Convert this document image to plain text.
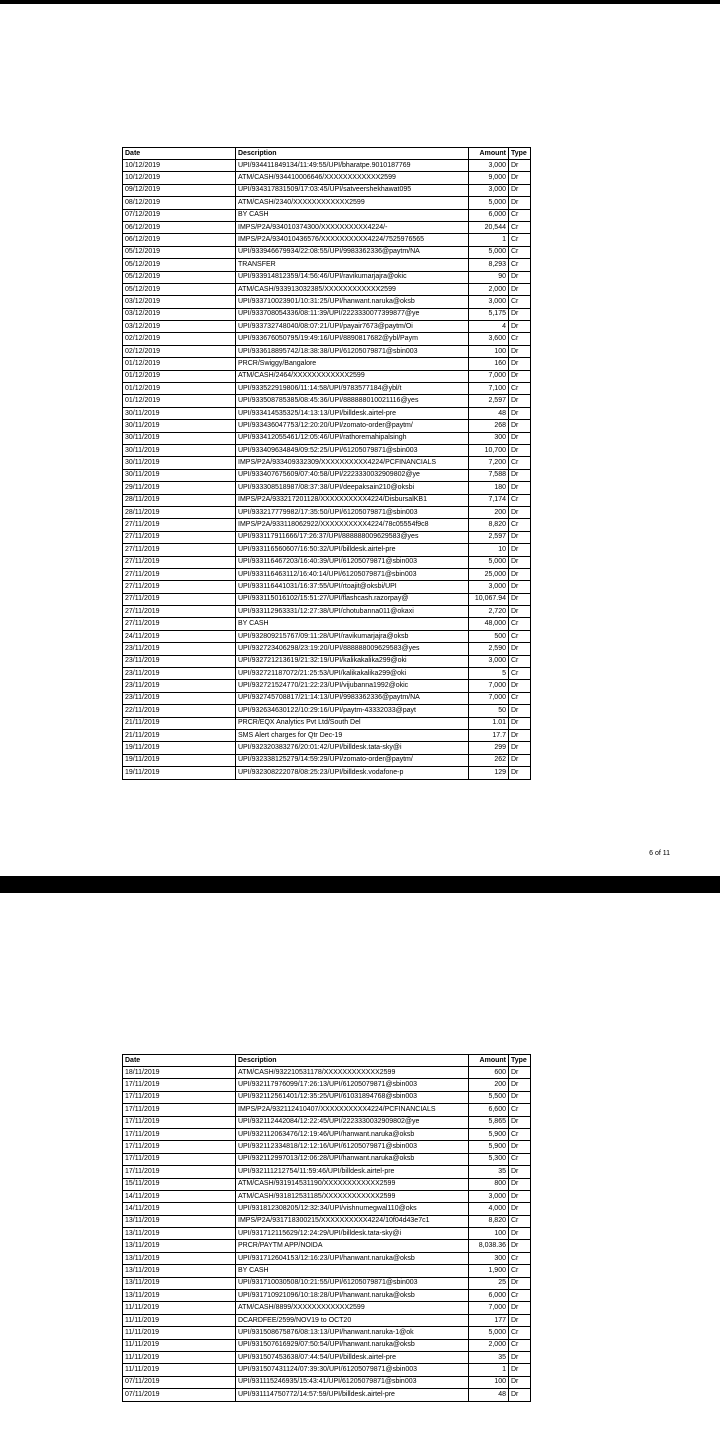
Date	Description	Amount	Type
10/12/2019	UPI/934411849134/11:49:55/UPI/bharatpe.9010187769	3,000	Dr
10/12/2019	ATM/CASH/934410006646/XXXXXXXXXXXX2599	9,000	Dr
09/12/2019	UPI/934317831509/17:03:45/UPI/satveershekhawat095	3,000	Dr
08/12/2019	ATM/CASH/2340/XXXXXXXXXXXX2599	5,000	Dr
07/12/2019	BY CASH	6,000	Cr
06/12/2019	IMPS/P2A/934010374300/XXXXXXXXXX4224/-	20,544	Cr
06/12/2019	IMPS/P2A/934010436576/XXXXXXXXXX4224/7525976565	1	Cr
05/12/2019	UPI/933946679934/22:08:55/UPI/9983362336@paytm/NA	5,000	Cr
05/12/2019	TRANSFER	8,293	Cr
05/12/2019	UPI/933914812359/14:56:46/UPI/ravikumarjajra@okic	90	Dr
05/12/2019	ATM/CASH/933913032385/XXXXXXXXXXXX2599	2,000	Dr
03/12/2019	UPI/933710023901/10:31:25/UPI/hanwant.naruka@oksb	3,000	Cr
03/12/2019	UPI/933708054336/08:11:39/UPI/2223330077399877@ye	5,175	Dr
03/12/2019	UPI/933732748040/08:07:21/UPI/payair7673@paytm/Oi	4	Dr
02/12/2019	UPI/933676050795/19:49:16/UPI/8890817682@ybl/Paym	3,600	Cr
02/12/2019	UPI/933618895742/18:38:38/UPI/61205079871@sbin003	100	Dr
01/12/2019	PRCR/Swiggy/Bangalore	160	Dr
01/12/2019	ATM/CASH/2464/XXXXXXXXXXXX2599	7,000	Dr
01/12/2019	UPI/933522919806/11:14:58/UPI/9783577184@ybl/t	7,100	Cr
01/12/2019	UPI/933508785385/08:45:36/UPI/888888010021116@yes	2,597	Dr
30/11/2019	UPI/933414535325/14:13:13/UPI/billdesk.airtel-pre	48	Dr
30/11/2019	UPI/933436047753/12:20:20/UPI/zomato-order@paytm/	268	Dr
30/11/2019	UPI/933412055461/12:05:46/UPI/rathoremahipalsingh	300	Dr
30/11/2019	UPI/933409634849/09:52:25/UPI/61205079871@sbin003	10,700	Dr
30/11/2019	IMPS/P2A/933409332309/XXXXXXXXXX4224/PCFINANCIALS	7,200	Cr
30/11/2019	UPI/933407675609/07:40:58/UPI/2223330032909802@ye	7,588	Dr
29/11/2019	UPI/933308518987/08:37:38/UPI/deepaksain210@oksbi	180	Dr
28/11/2019	IMPS/P2A/933217201128/XXXXXXXXXX4224/DisbursalKB1	7,174	Cr
28/11/2019	UPI/933217779982/17:35:50/UPI/61205079871@sbin003	200	Dr
27/11/2019	IMPS/P2A/933118062922/XXXXXXXXXX4224/78c05554f9c8	8,820	Cr
27/11/2019	UPI/933117911666/17:26:37/UPI/888888009629583@yes	2,597	Dr
27/11/2019	UPI/933116560607/16:50:32/UPI/billdesk.airtel-pre	10	Dr
27/11/2019	UPI/933116467203/16:40:39/UPI/61205079871@sbin003	5,000	Dr
27/11/2019	UPI/933116463112/16:40:14/UPI/61205079871@sbin003	25,000	Dr
27/11/2019	UPI/933116441031/16:37:55/UPI/rtoajit@oksbi/UPI	3,000	Dr
27/11/2019	UPI/933115016102/15:51:27/UPI/flashcash.razorpay@	10,067.94	Dr
27/11/2019	UPI/933112963331/12:27:38/UPI/chotubanna011@okaxi	2,720	Dr
27/11/2019	BY CASH	48,000	Cr
24/11/2019	UPI/932809215767/09:11:28/UPI/ravikumarjajra@oksb	500	Cr
23/11/2019	UPI/932723406298/23:19:20/UPI/888888009629583@yes	2,590	Dr
23/11/2019	UPI/932721213619/21:32:19/UPI/kalikakalika299@oki	3,000	Cr
23/11/2019	UPI/932721187072/21:25:53/UPI/kalikakalika299@oki	5	Cr
23/11/2019	UPI/932721524770/21:22:23/UPI/vijubanna1992@okic	7,000	Dr
23/11/2019	UPI/932745708817/21:14:13/UPI/9983362336@paytm/NA	7,000	Cr
22/11/2019	UPI/932634630122/10:29:16/UPI/paytm-43332033@payt	50	Dr
21/11/2019	PRCR/EQX Analytics Pvt Ltd/South Del	1.01	Dr
21/11/2019	SMS Alert charges for Qtr Dec-19	17.7	Dr
19/11/2019	UPI/932320383276/20:01:42/UPI/billdesk.tata-sky@i	299	Dr
19/11/2019	UPI/932338125279/14:59:29/UPI/zomato-order@paytm/	262	Dr
19/11/2019	UPI/932308222078/08:25:23/UPI/billdesk.vodafone-p	129	Dr
6 of 11
Date	Description	Amount	Type
18/11/2019	ATM/CASH/932210531178/XXXXXXXXXXXX2599	600	Dr
17/11/2019	UPI/932117976099/17:26:13/UPI/61205079871@sbin003	200	Dr
17/11/2019	UPI/932112561401/12:35:25/UPI/61031894768@sbin003	5,500	Dr
17/11/2019	IMPS/P2A/932112410407/XXXXXXXXXX4224/PCFINANCIALS	6,600	Cr
17/11/2019	UPI/932112442084/12:22:45/UPI/2223330032909802@ye	5,865	Dr
17/11/2019	UPI/932112063476/12:19:46/UPI/hanwant.naruka@oksb	5,900	Cr
17/11/2019	UPI/932112334818/12:12:16/UPI/61205079871@sbin003	5,900	Dr
17/11/2019	UPI/932112997013/12:06:28/UPI/hanwant.naruka@oksb	5,300	Cr
17/11/2019	UPI/932111212754/11:59:46/UPI/billdesk.airtel-pre	35	Dr
15/11/2019	ATM/CASH/931914531190/XXXXXXXXXXXX2599	800	Dr
14/11/2019	ATM/CASH/931812531185/XXXXXXXXXXXX2599	3,000	Dr
14/11/2019	UPI/931812308205/12:32:34/UPI/vishnumegwal110@oks	4,000	Dr
13/11/2019	IMPS/P2A/931718300215/XXXXXXXXXX4224/10f04d43e7c1	8,820	Cr
13/11/2019	UPI/931712115629/12:24:29/UPI/billdesk.tata-sky@i	100	Dr
13/11/2019	PRCR/PAYTM APP/NOIDA	8,038.36	Dr
13/11/2019	UPI/931712604153/12:16:23/UPI/hanwant.naruka@oksb	300	Cr
13/11/2019	BY CASH	1,900	Cr
13/11/2019	UPI/931710030508/10:21:55/UPI/61205079871@sbin003	25	Dr
13/11/2019	UPI/931710921096/10:18:28/UPI/hanwant.naruka@oksb	6,000	Cr
11/11/2019	ATM/CASH/8899/XXXXXXXXXXXX2599	7,000	Dr
11/11/2019	DCARDFEE/2599/NOV19 to OCT20	177	Dr
11/11/2019	UPI/931508675876/08:13:13/UPI/hanwant.naruka-1@ok	5,000	Cr
11/11/2019	UPI/931507616929/07:50:54/UPI/hanwant.naruka@oksb	2,000	Cr
11/11/2019	UPI/931507453638/07:44:54/UPI/billdesk.airtel-pre	35	Dr
11/11/2019	UPI/931507431124/07:39:30/UPI/61205079871@sbin003	1	Dr
07/11/2019	UPI/931115246935/15:43:41/UPI/61205079871@sbin003	100	Dr
07/11/2019	UPI/931114750772/14:57:59/UPI/billdesk.airtel-pre	48	Dr
